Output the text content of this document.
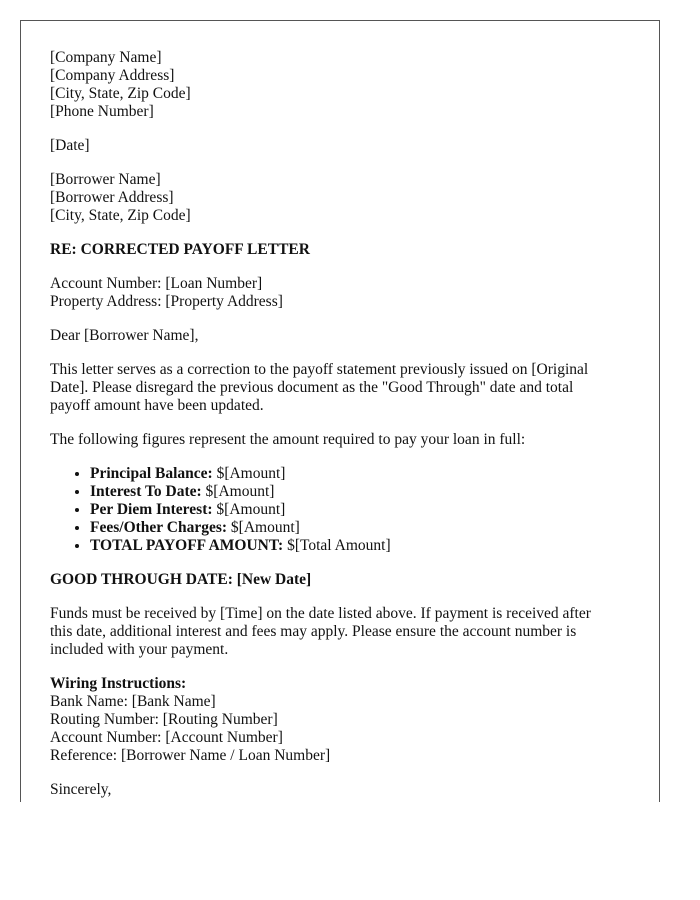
[Company Name]
[Company Address]
[City, State, Zip Code]
[Phone Number]
[Date]
[Borrower Name]
[Borrower Address]
[City, State, Zip Code]
RE: CORRECTED PAYOFF LETTER
Account Number: [Loan Number]
Property Address: [Property Address]

Dear [Borrower Name],

This letter serves as a correction to the payoff statement previously issued on [Original Date]. Please disregard the previous document as the "Good Through" date and total payoff amount have been updated.

The following figures represent the amount required to pay your loan in full:

• Principal Balance: $[Amount]
• Interest To Date: $[Amount]
• Per Diem Interest: $[Amount]
• Fees/Other Charges: $[Amount]
• TOTAL PAYOFF AMOUNT: $[Total Amount]

GOOD THROUGH DATE: [New Date]

Funds must be received by [Time] on the date listed above. If payment is received after this date, additional interest and fees may apply. Please ensure the account number is included with your payment.

Wiring Instructions:
Bank Name: [Bank Name]
Routing Number: [Routing Number]
Account Number: [Account Number]
Reference: [Borrower Name / Loan Number]
Sincerely,
